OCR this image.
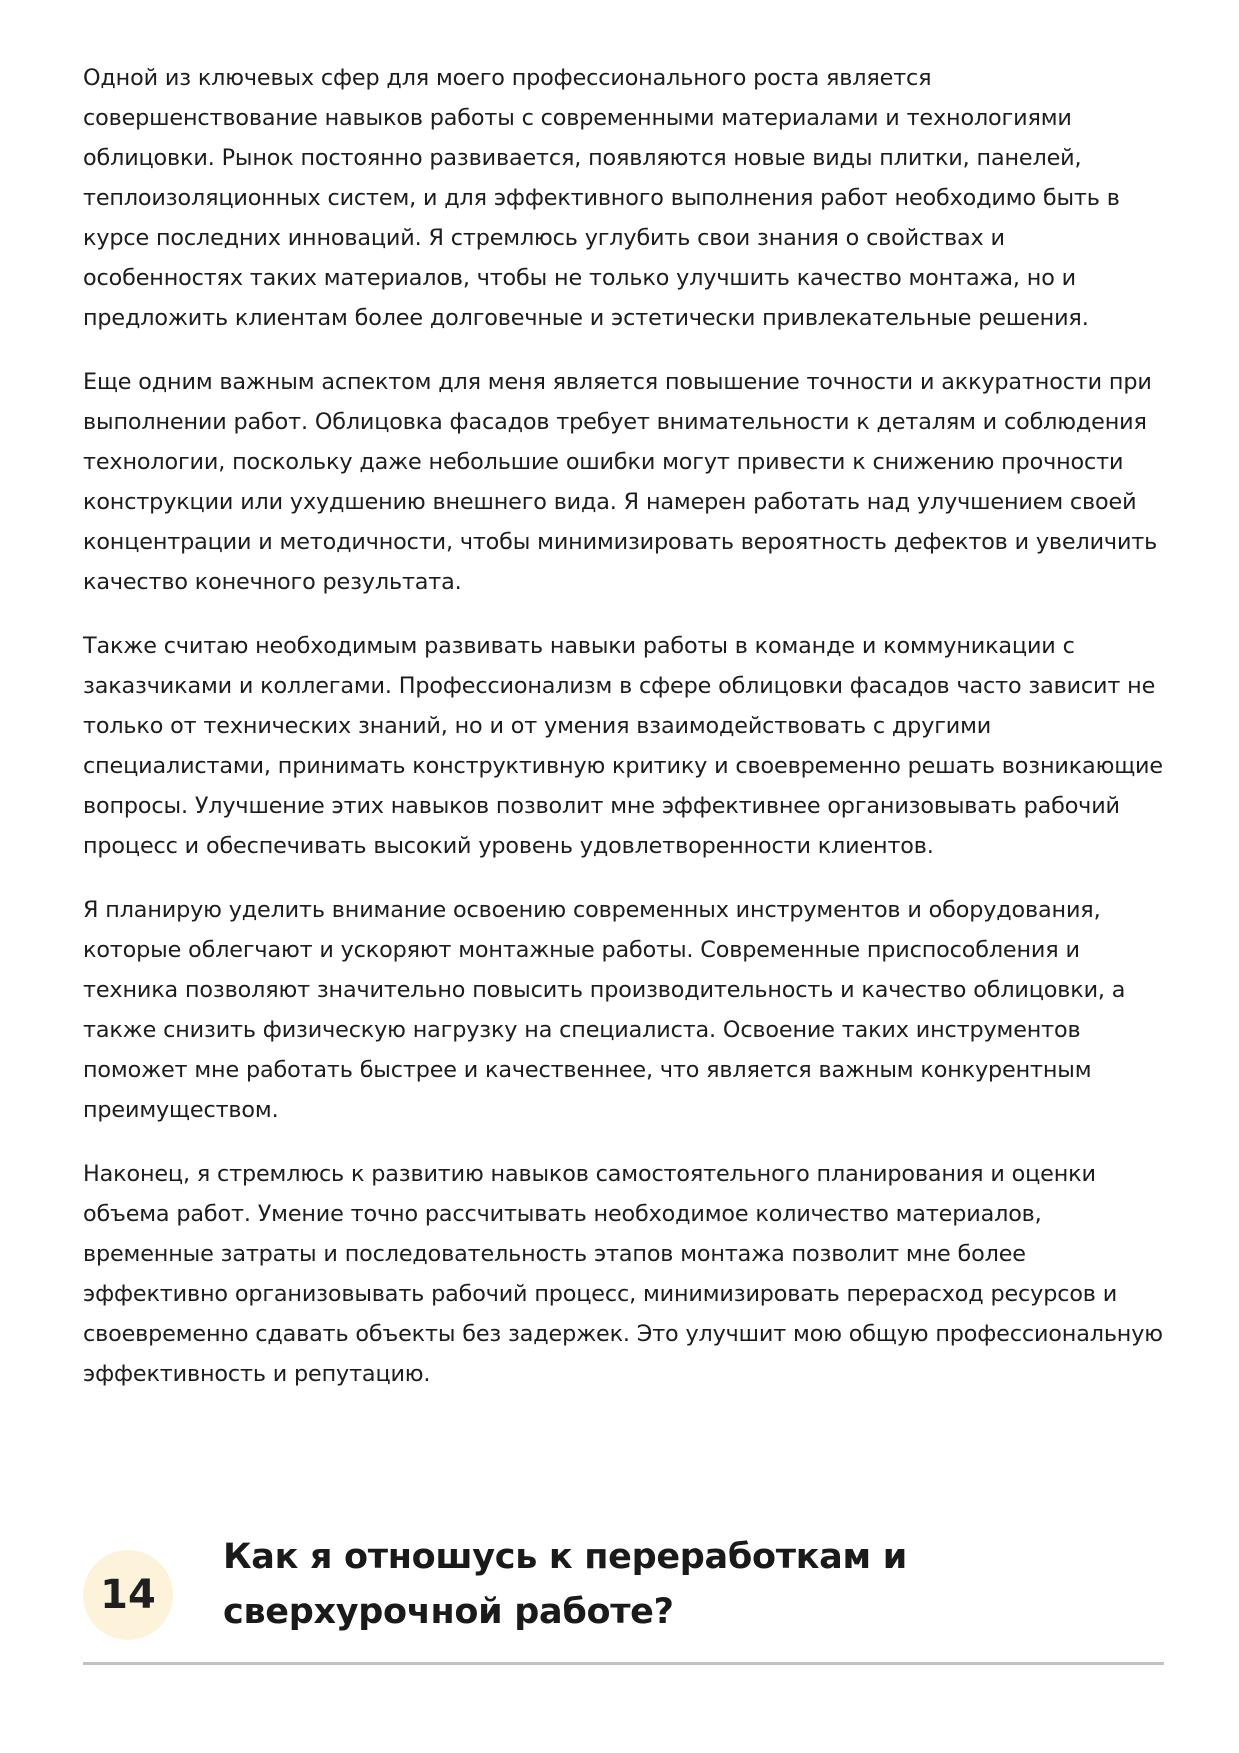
Одной из ключевых сфер для моего профессионального роста является совершенствование навыков работы с современными материалами и технологиями облицовки. Рынок постоянно развивается, появляются новые виды плитки, панелей, теплоизоляционных систем, и для эффективного выполнения работ необходимо быть в курсе последних инноваций. Я стремлюсь углубить свои знания о свойствах и особенностях таких материалов, чтобы не только улучшить качество монтажа, но и предложить клиентам более долговечные и эстетически привлекательные решения.

Еще одним важным аспектом для меня является повышение точности и аккуратности при выполнении работ. Облицовка фасадов требует внимательности к деталям и соблюдения технологии, поскольку даже небольшие ошибки могут привести к снижению прочности конструкции или ухудшению внешнего вида. Я намерен работать над улучшением своей концентрации и методичности, чтобы минимизировать вероятность дефектов и увеличить качество конечного результата.

Также считаю необходимым развивать навыки работы в команде и коммуникации с заказчиками и коллегами. Профессионализм в сфере облицовки фасадов часто зависит не только от технических знаний, но и от умения взаимодействовать с другими специалистами, принимать конструктивную критику и своевременно решать возникающие вопросы. Улучшение этих навыков позволит мне эффективнее организовывать рабочий процесс и обеспечивать высокий уровень удовлетворенности клиентов.

Я планирую уделить внимание освоению современных инструментов и оборудования, которые облегчают и ускоряют монтажные работы. Современные приспособления и техника позволяют значительно повысить производительность и качество облицовки, а также снизить физическую нагрузку на специалиста. Освоение таких инструментов поможет мне работать быстрее и качественнее, что является важным конкурентным преимуществом.

Наконец, я стремлюсь к развитию навыков самостоятельного планирования и оценки объема работ. Умение точно рассчитывать необходимое количество материалов, временные затраты и последовательность этапов монтажа позволит мне более эффективно организовывать рабочий процесс, минимизировать перерасход ресурсов и своевременно сдавать объекты без задержек. Это улучшит мою общую профессиональную эффективность и репутацию.

14
Как я отношусь к переработкам и сверхурочной работе?
